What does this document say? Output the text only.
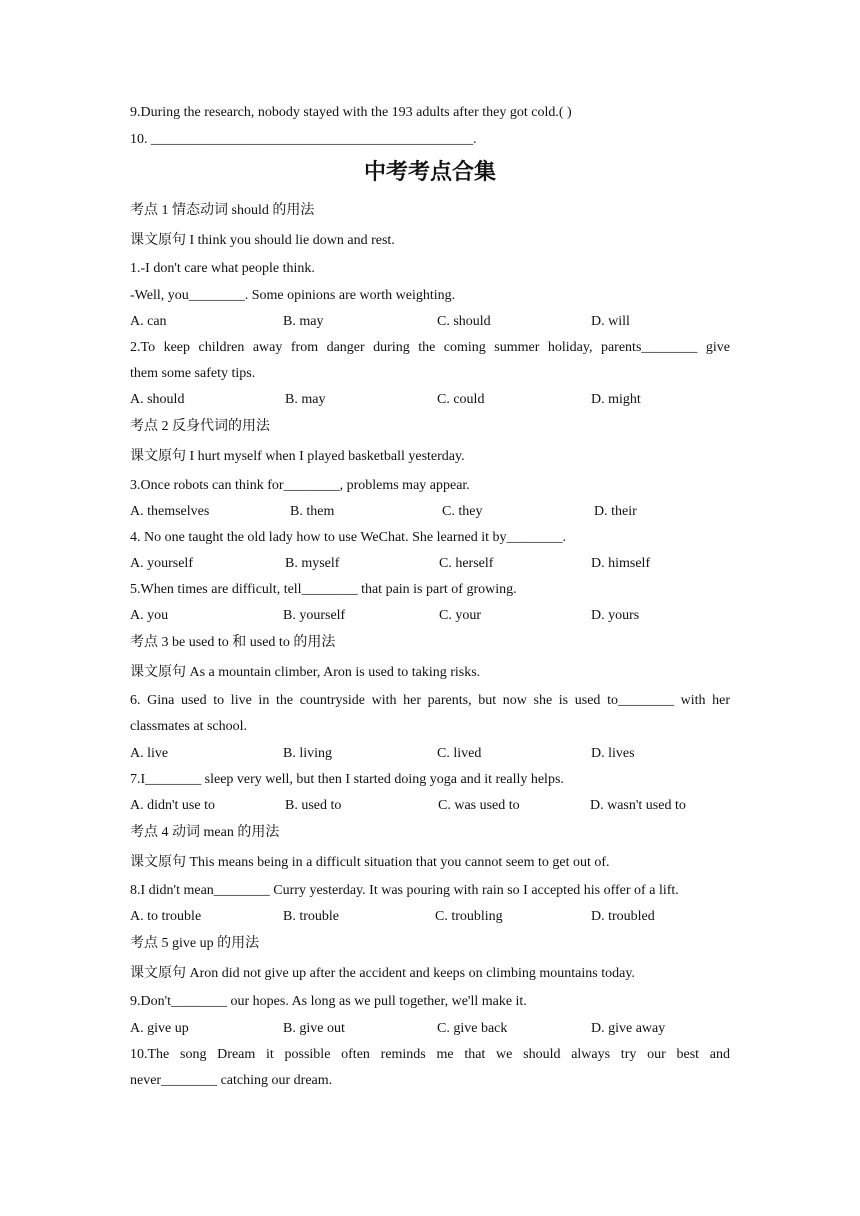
9.During the research, nobody stayed with the 193 adults after they got cold.( )
10. ______________________________________________.
中考考点合集
考点 1 情态动词 should 的用法
课文原句 I think you should lie down and rest.
1.-I don't care what people think.
-Well, you________. Some opinions are worth weighting.
A. can	B. may	C. should	D. will
2.To keep children away from danger during the coming summer holiday, parents________ give
them some safety tips.
A. should	B. may	C. could	D. might
考点 2 反身代词的用法
课文原句 I hurt myself when I played basketball yesterday.
3.Once robots can think for________, problems may appear.
A. themselves	B. them	C. they	D. their
4. No one taught the old lady how to use WeChat. She learned it by________.
A. yourself	B. myself	C. herself	D. himself
5.When times are difficult, tell________ that pain is part of growing.
A. you	B. yourself	C. your	D. yours
考点 3 be used to 和 used to 的用法
课文原句 As a mountain climber, Aron is used to taking risks.
6. Gina used to live in the countryside with her parents, but now she is used to________ with her
classmates at school.
A. live	B. living	C. lived	D. lives
7.I________ sleep very well, but then I started doing yoga and it really helps.
A. didn't use to	B. used to	C. was used to	D. wasn't used to
考点 4 动词 mean 的用法
课文原句 This means being in a difficult situation that you cannot seem to get out of.
8.I didn't mean________ Curry yesterday. It was pouring with rain so I accepted his offer of a lift.
A. to trouble	B. trouble	C. troubling	D. troubled
考点 5 give up 的用法
课文原句 Aron did not give up after the accident and keeps on climbing mountains today.
9.Don't________ our hopes. As long as we pull together, we'll make it.
A. give up	B. give out	C. give back	D. give away
10.The song Dream it possible often reminds me that we should always try our best and
never________ catching our dream.
